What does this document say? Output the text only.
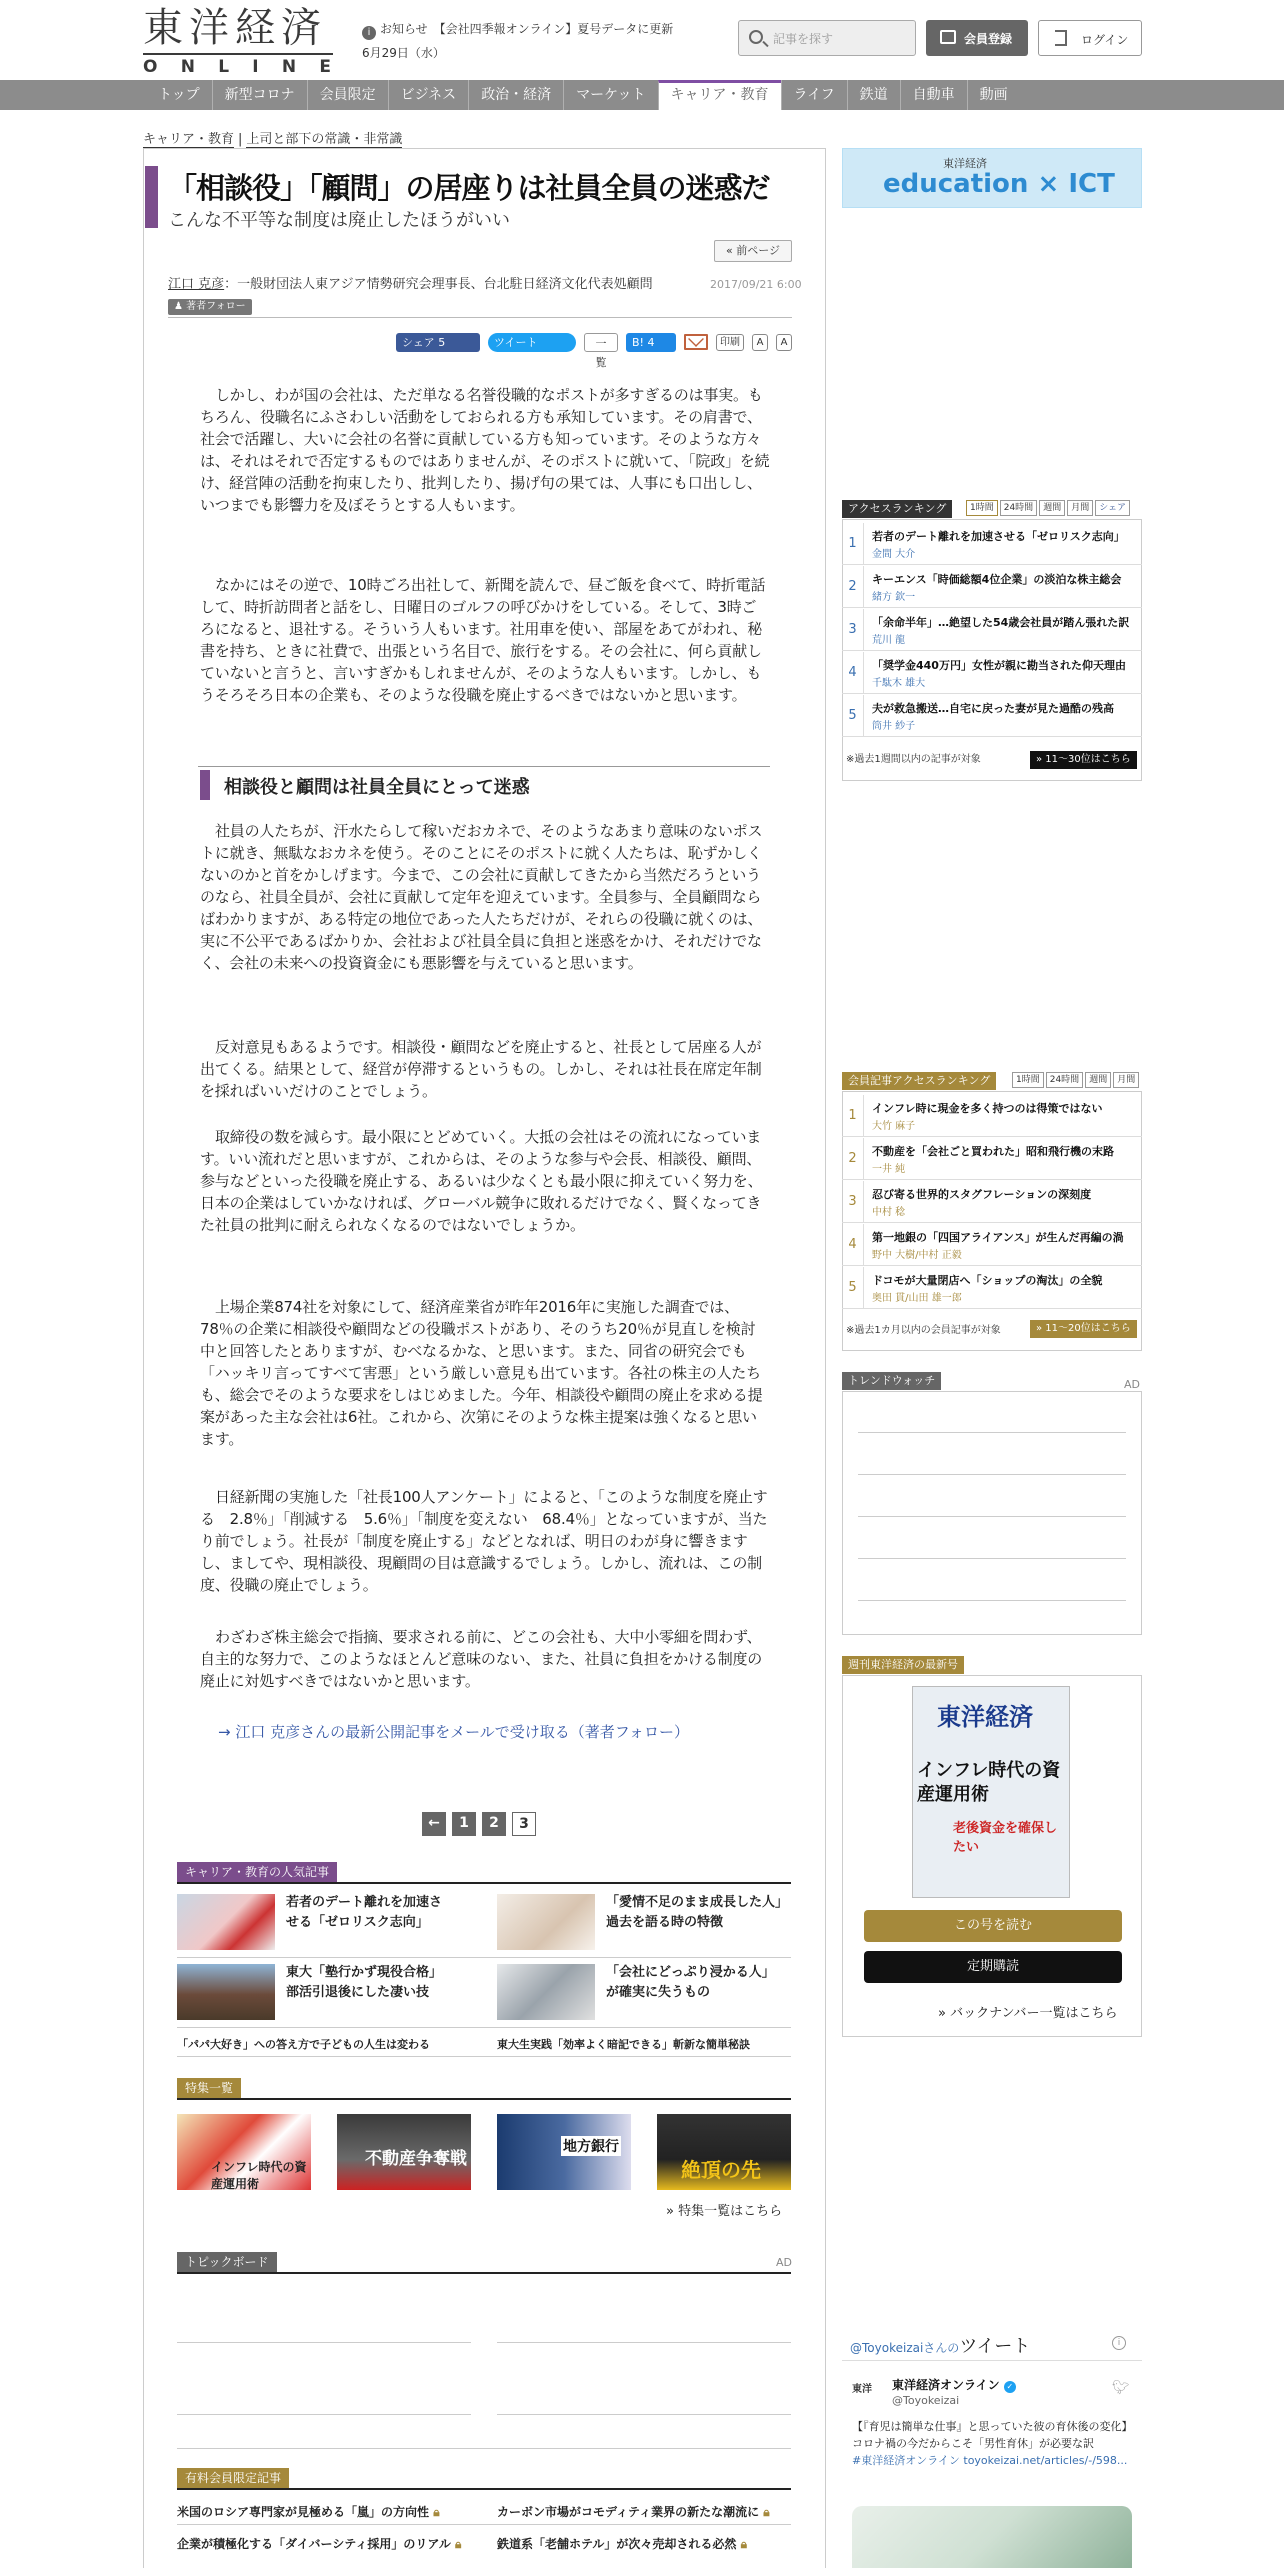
東洋経済
O N L I N E
i お知らせ　【会社四季報オンライン】夏号データに更新
6月29日（水）
記事を探す	会員登録	ログイン
トップ	新型コロナ	会員限定	ビジネス	政治・経済	マーケット	キャリア・教育	ライフ	鉄道	自動車	動画
キャリア・教育 | 上司と部下の常識・非常識
「相談役」「顧問」の居座りは社員全員の迷惑だ
こんな不平等な制度は廃止したほうがいい
« 前ページ
江口 克彦：一般財団法人東アジア情勢研究会理事長、台北駐日経済文化代表処顧問 ♟ 著者フォロー
2017/09/21 6:00
シェア 5	ツイート	一覧
B! 4	印刷	A	A

しかし、わが国の会社は、ただ単なる名誉役職的なポストが多すぎるのは事実。もちろん、役職名にふさわしい活動をしておられる方も承知しています。その肩書で、社会で活躍し、大いに会社の名誉に貢献している方も知っています。そのような方々は、それはそれで否定するものではありませんが、そのポストに就いて、「院政」を続け、経営陣の活動を拘束したり、批判したり、揚げ句の果ては、人事にも口出しし、いつまでも影響力を及ぼそうとする人もいます。

なかにはその逆で、10時ごろ出社して、新聞を読んで、昼ご飯を食べて、時折電話して、時折訪問者と話をし、日曜日のゴルフの呼びかけをしている。そして、3時ごろになると、退社する。そういう人もいます。社用車を使い、部屋をあてがわれ、秘書を持ち、ときに社費で、出張という名目で、旅行をする。その会社に、何ら貢献していないと言うと、言いすぎかもしれませんが、そのような人もいます。しかし、もうそろそろ日本の企業も、そのような役職を廃止するべきではないかと思います。

相談役と顧問は社員全員にとって迷惑

社員の人たちが、汗水たらして稼いだおカネで、そのようなあまり意味のないポストに就き、無駄なおカネを使う。そのことにそのポストに就く人たちは、恥ずかしくないのかと首をかしげます。今まで、この会社に貢献してきたから当然だろうというのなら、社員全員が、会社に貢献して定年を迎えています。全員参与、全員顧問ならばわかりますが、ある特定の地位であった人たちだけが、それらの役職に就くのは、実に不公平であるばかりか、会社および社員全員に負担と迷惑をかけ、それだけでなく、会社の未来への投資資金にも悪影響を与えていると思います。

反対意見もあるようです。相談役・顧問などを廃止すると、社長として居座る人が出てくる。結果として、経営が停滞するというもの。しかし、それは社長在席定年制を採ればいいだけのことでしょう。

取締役の数を減らす。最小限にとどめていく。大抵の会社はその流れになっています。いい流れだと思いますが、これからは、そのような参与や会長、相談役、顧問、参与などといった役職を廃止する、あるいは少なくとも最小限に抑えていく努力を、日本の企業はしていかなければ、グローバル競争に敗れるだけでなく、賢くなってきた社員の批判に耐えられなくなるのではないでしょうか。

上場企業874社を対象にして、経済産業省が昨年2016年に実施した調査では、78％の企業に相談役や顧問などの役職ポストがあり、そのうち20％が見直しを検討中と回答したとありますが、むべなるかな、と思います。また、同省の研究会でも「ハッキリ言ってすべて害悪」という厳しい意見も出ています。各社の株主の人たちも、総会でそのような要求をしはじめました。今年、相談役や顧問の廃止を求める提案があった主な会社は6社。これから、次第にそのような株主提案は強くなると思います。

日経新聞の実施した「社長100人アンケート」によると、「このような制度を廃止する　2.8％」「削減する　5.6％」「制度を変えない　68.4％」となっていますが、当たり前でしょう。社長が「制度を廃止する」などとなれば、明日のわが身に響きますし、ましてや、現相談役、現顧問の目は意識するでしょう。しかし、流れは、この制度、役職の廃止でしょう。

わざわざ株主総会で指摘、要求される前に、どこの会社も、大中小零細を問わず、自主的な努力で、このようなほとんど意味のない、また、社員に負担をかける制度の廃止に対処すべきではないかと思います。

→ 江口 克彦さんの最新公開記事をメールで受け取る（著者フォロー）
←	1	2	3
キャリア・教育の人気記事
若者のデート離れを加速させる「ゼロリスク志向」
「愛情不足のまま成長した人」過去を語る時の特徴
東大「塾行かず現役合格」部活引退後にした凄い技
「会社にどっぷり浸かる人」が確実に失うもの
「パパ大好き」への答え方で子どもの人生は変わる	東大生実践「効率よく暗記できる」斬新な簡単秘訣
特集一覧
インフレ時代の資産運用術
不動産争奪戦
地方銀行
絶頂の先
» 特集一覧はこちら
トピックボード	AD
有料会員限定記事
米国のロシア専門家が見極める「嵐」の方向性 🔒︎	カーボン市場がコモディティ業界の新たな潮流に 🔒︎
企業が積極化する「ダイバーシティ採用」のリアル 🔒︎	鉄道系「老舗ホテル」が次々売却される必然 🔒︎
東洋経済
education × ICT
アクセスランキング	1時間	24時間	週間	月間	シェア
1	若者のデート離れを加速させる「ゼロリスク志向」
金間 大介
2	キーエンス「時価総額4位企業」の淡泊な株主総会
緒方 欽一
3	「余命半年」…絶望した54歳会社員が踏ん張れた訳
荒川 龍
4	「奨学金440万円」女性が親に勘当された仰天理由
千駄木 雄大
5	夫が救急搬送…自宅に戻った妻が見た過酷の残高
筒井 紗子
※過去1週間以内の記事が対象	» 11～30位はこちら
会員記事アクセスランキング	1時間	24時間	週間	月間
1	インフレ時に現金を多く持つのは得策ではない
大竹 麻子
2	不動産を「会社ごと買われた」昭和飛行機の末路
一井 純
3	忍び寄る世界的スタグフレーションの深刻度
中村 稔
4	第一地銀の「四国アライアンス」が生んだ再編の渦
野中 大樹/中村 正毅
5	ドコモが大量閉店へ「ショップの淘汰」の全貌
奥田 貫/山田 雄一郎
※過去1カ月以内の会員記事が対象	» 11～20位はこちら
トレンドウォッチ	AD
週刊東洋経済の最新号
東洋経済
インフレ時代の資産運用術
老後資金を確保したい
この号を読む
定期購読
» バックナンバー一覧はこちら
@Toyokeizaiさんのツイート	i
東洋	東洋経済オンライン ✓
@Toyokeizai
🐦︎
【『育児は簡単な仕事』と思っていた彼の育休後の変化】コロナ禍の今だからこそ「男性育休」が必要な訳
#東洋経済オンライン toyokeizai.net/articles/-/598...
